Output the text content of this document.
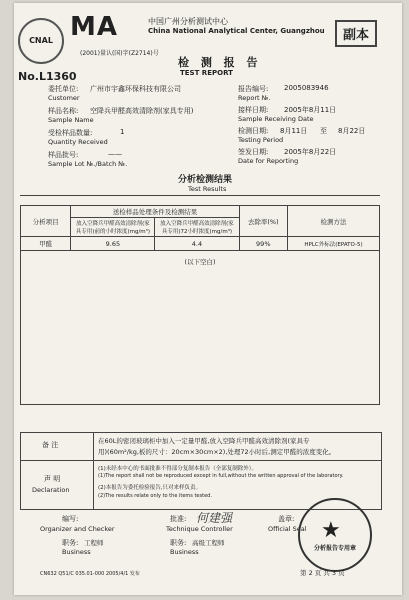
CNAL MA	中国广州分析测试中心
China National Analytical Center, Guangzhou
(2001)量认(国)字(Z2714)号
检 测 报 告
TEST REPORT
副本
No.L1360
委托单位: 广州市宇鑫环保科技有限公司
Customer
样品名称: 空降兵甲醛高效清除剂(家具专用)
Sample Name
受检样品数量:	1
Quantity Received
样品批号:	——
Sample Lot №./Batch №.
报告编号: 2005083946
Report №.
接样日期: 2005年8月11日
Sample Receiving Date
检测日期: 8月11日 至 8月22日
Testing Period
签发日期: 2005年8月22日
Date for Reporting
分析检测结果
Test Results
分析项目	送检样品处理条件及检测结果		去除率(%)	检测方法
	放入空降兵甲醛高效清除剂(家具专用)前的小时浓度(mg/m³)	放入空降兵甲醛高效清除剂(家具专用)72小时浓度(mg/m³)		
甲醛	9.65	4.4	99%	HPLC外标法(EPATO-5)
(以下空白)				
备 注	在60L的密闭玻璃柜中加入一定量甲醛,放入空降兵甲醛高效清除剂(家具专
用)(60m²/kg,板的尺寸：20cm×30cm×2),处理72小时后,测定甲醛的浓度变化。
声 明
Declaration
(1)未经本中心的书面批准不得部分复制本报告（全部复制除外）。
(1)The report shall not be reproduced except in full,without the written approval of the laboratory.
(2)本报告为委托检验报告,只对来样负责。
(2)The results relate only to the items tested.
编写:
Organizer and Checker
职务: 工程师
Business
批准: 何建强
Technique Controller
职务: 高级工程师
Business
盖章:
Official Seal ★
分析报告专用章
CN632 Q51/C 035.01-000 2005/4/1 发布	第 2 页 共 3 页
